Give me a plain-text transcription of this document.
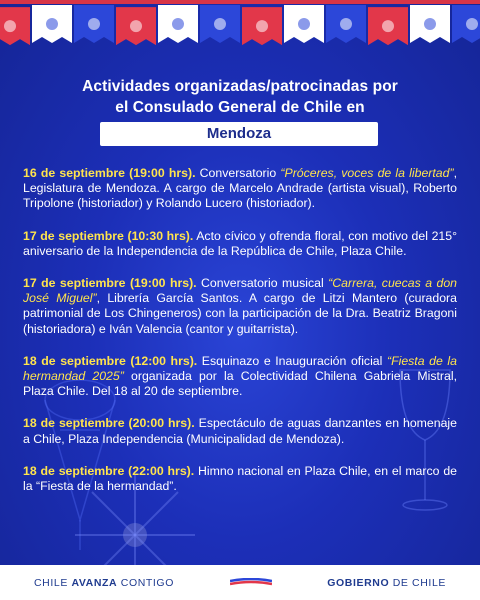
Actividades organizadas/patrocinadas por
el Consulado General de Chile en
Mendoza
16 de septiembre (19:00 hrs). Conversatorio “Próceres, voces de la libertad”, Legislatura de Mendoza. A cargo de Marcelo Andrade (artista visual), Roberto Tripolone (historiador) y Rolando Lucero (historiador).
17 de septiembre (10:30 hrs). Acto cívico y ofrenda floral, con motivo del 215° aniversario de la Independencia de la República de Chile, Plaza Chile.
17 de septiembre (19:00 hrs). Conversatorio musical “Carrera, cuecas a don José Miguel”, Librería García Santos. A cargo de Litzi Mantero (curadora patrimonial de Los Chingeneros) con la participación de la Dra. Beatriz Bragoni (historiadora) e Iván Valencia (cantor y guitarrista).
18 de septiembre (12:00 hrs). Esquinazo e Inauguración oficial “Fiesta de la hermandad 2025” organizada por la Colectividad Chilena Gabriela Mistral, Plaza Chile. Del 18 al 20 de septiembre.
18 de septiembre (20:00 hrs). Espectáculo de aguas danzantes en homenaje a Chile, Plaza Independencia (Municipalidad de Mendoza).
18 de septiembre (22:00 hrs). Himno nacional en Plaza Chile, en el marco de la “Fiesta de la hermandad”.
CHILE AVANZA CONTIGO	GOBIERNO DE CHILE
